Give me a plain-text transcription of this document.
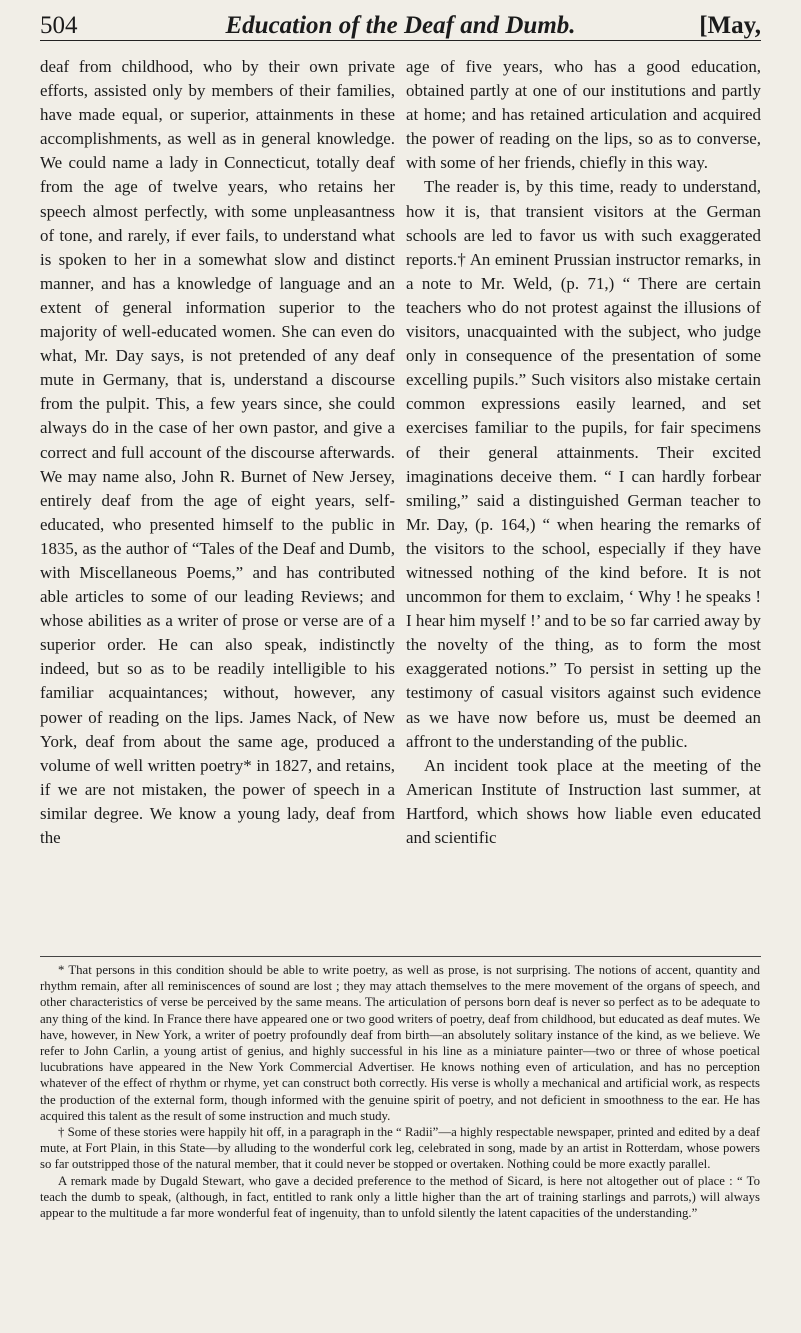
504	Education of the Deaf and Dumb.	[May,

deaf from childhood, who by their own private efforts, assisted only by members of their families, have made equal, or superior, attainments in these accomplishments, as well as in general knowledge. We could name a lady in Connecticut, totally deaf from the age of twelve years, who retains her speech almost perfectly, with some unpleasantness of tone, and rarely, if ever fails, to understand what is spoken to her in a somewhat slow and distinct manner, and has a knowledge of language and an extent of general information superior to the majority of well-educated women. She can even do what, Mr. Day says, is not pretended of any deaf mute in Germany, that is, understand a discourse from the pulpit. This, a few years since, she could always do in the case of her own pastor, and give a correct and full account of the discourse afterwards. We may name also, John R. Burnet of New Jersey, entirely deaf from the age of eight years, self-educated, who presented himself to the public in 1835, as the author of “Tales of the Deaf and Dumb, with Miscellaneous Poems,” and has contributed able articles to some of our leading Reviews; and whose abilities as a writer of prose or verse are of a superior order. He can also speak, indistinctly indeed, but so as to be readily intelligible to his familiar acquaintances; without, however, any power of reading on the lips. James Nack, of New York, deaf from about the same age, produced a volume of well written poetry* in 1827, and retains, if we are not mistaken, the power of speech in a similar degree. We know a young lady, deaf from the

age of five years, who has a good education, obtained partly at one of our institutions and partly at home; and has retained articulation and acquired the power of reading on the lips, so as to converse, with some of her friends, chiefly in this way.

The reader is, by this time, ready to understand, how it is, that transient visitors at the German schools are led to favor us with such exaggerated reports.† An eminent Prussian instructor remarks, in a note to Mr. Weld, (p. 71,) “ There are certain teachers who do not protest against the illusions of visitors, unacquainted with the subject, who judge only in consequence of the presentation of some excelling pupils.” Such visitors also mistake certain common expressions easily learned, and set exercises familiar to the pupils, for fair specimens of their general attainments. Their excited imaginations deceive them. “ I can hardly forbear smiling,” said a distinguished German teacher to Mr. Day, (p. 164,) “ when hearing the remarks of the visitors to the school, especially if they have witnessed nothing of the kind before. It is not uncommon for them to exclaim, ‘ Why ! he speaks ! I hear him myself !’ and to be so far carried away by the novelty of the thing, as to form the most exaggerated notions.” To persist in setting up the testimony of casual visitors against such evidence as we have now before us, must be deemed an affront to the understanding of the public.

An incident took place at the meeting of the American Institute of Instruction last summer, at Hartford, which shows how liable even educated and scientific

* That persons in this condition should be able to write poetry, as well as prose, is not surprising. The notions of accent, quantity and rhythm remain, after all reminiscences of sound are lost ; they may attach themselves to the mere movement of the organs of speech, and other characteristics of verse be perceived by the same means. The articulation of persons born deaf is never so perfect as to be adequate to any thing of the kind. In France there have appeared one or two good writers of poetry, deaf from childhood, but educated as deaf mutes. We have, however, in New York, a writer of poetry profoundly deaf from birth—an absolutely solitary instance of the kind, as we believe. We refer to John Carlin, a young artist of genius, and highly successful in his line as a miniature painter—two or three of whose poetical lucubrations have appeared in the New York Commercial Advertiser. He knows nothing even of articulation, and has no perception whatever of the effect of rhythm or rhyme, yet can construct both correctly. His verse is wholly a mechanical and artificial work, as respects the production of the external form, though informed with the genuine spirit of poetry, and not deficient in smoothness to the ear. He has acquired this talent as the result of some instruction and much study.

† Some of these stories were happily hit off, in a paragraph in the “ Radii”—a highly respectable newspaper, printed and edited by a deaf mute, at Fort Plain, in this State—by alluding to the wonderful cork leg, celebrated in song, made by an artist in Rotterdam, whose powers so far outstripped those of the natural member, that it could never be stopped or overtaken. Nothing could be more exactly parallel.

A remark made by Dugald Stewart, who gave a decided preference to the method of Sicard, is here not altogether out of place : “ To teach the dumb to speak, (although, in fact, entitled to rank only a little higher than the art of training starlings and parrots,) will always appear to the multitude a far more wonderful feat of ingenuity, than to unfold silently the latent capacities of the understanding.”
